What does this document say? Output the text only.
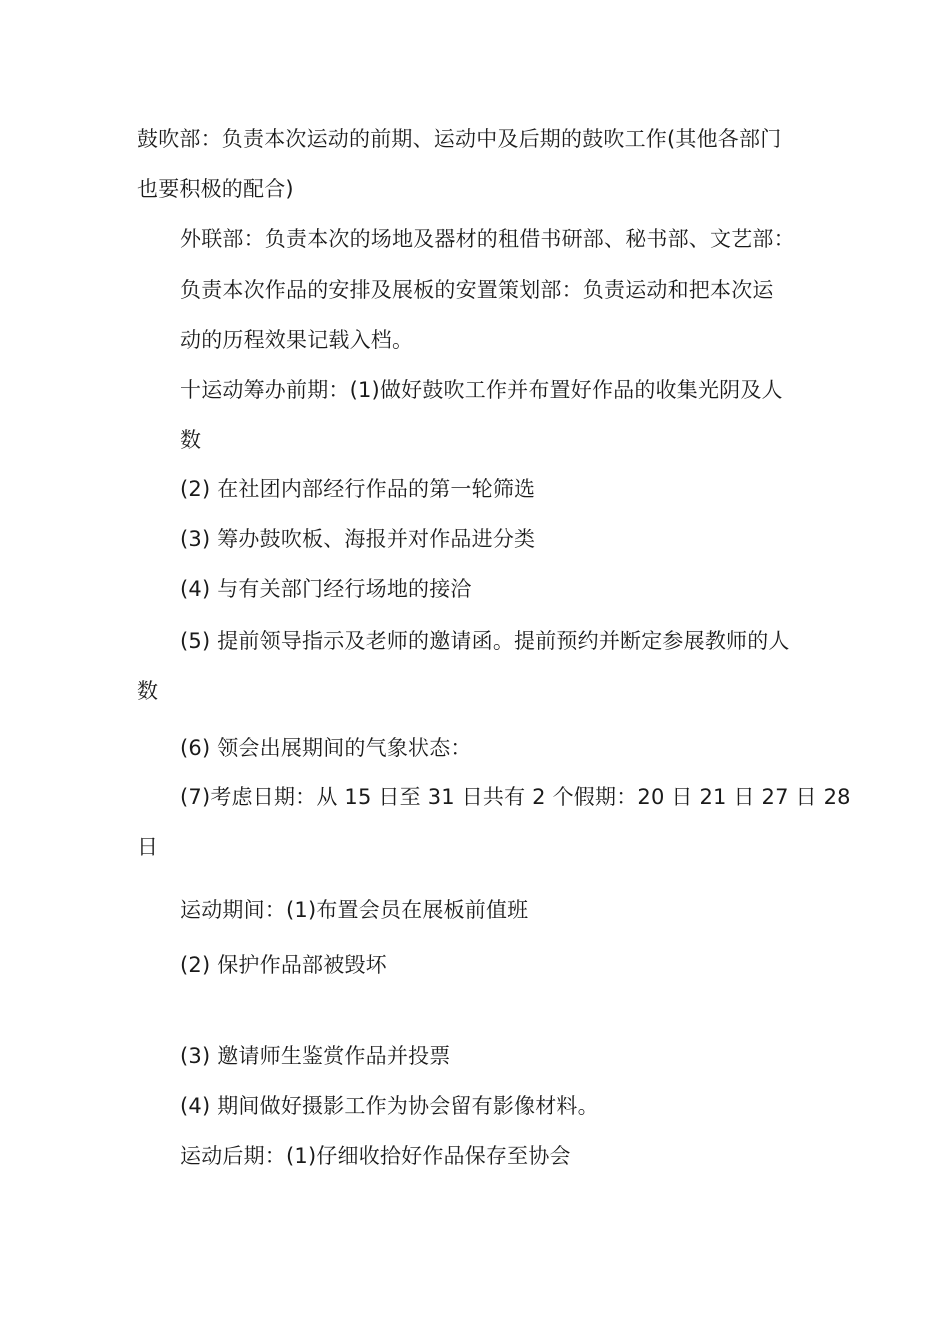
鼓吹部：负责本次运动的前期、运动中及后期的鼓吹工作(其他各部门
也要积极的配合)
外联部：负责本次的场地及器材的租借书研部、秘书部、文艺部：
负责本次作品的安排及展板的安置策划部：负责运动和把本次运
动的历程效果记载入档。
十运动筹办前期：(1)做好鼓吹工作并布置好作品的收集光阴及人
数
(2) 在社团内部经行作品的第一轮筛选
(3) 筹办鼓吹板、海报并对作品进分类
(4) 与有关部门经行场地的接洽
(5) 提前领导指示及老师的邀请函。提前预约并断定参展教师的人
数
(6) 领会出展期间的气象状态：
(7)考虑日期：从 15 日至 31 日共有 2 个假期：20 日 21 日 27 日 28
日
运动期间：(1)布置会员在展板前值班
(2) 保护作品部被毁坏
(3) 邀请师生鉴赏作品并投票
(4) 期间做好摄影工作为协会留有影像材料。
运动后期：(1)仔细收拾好作品保存至协会
